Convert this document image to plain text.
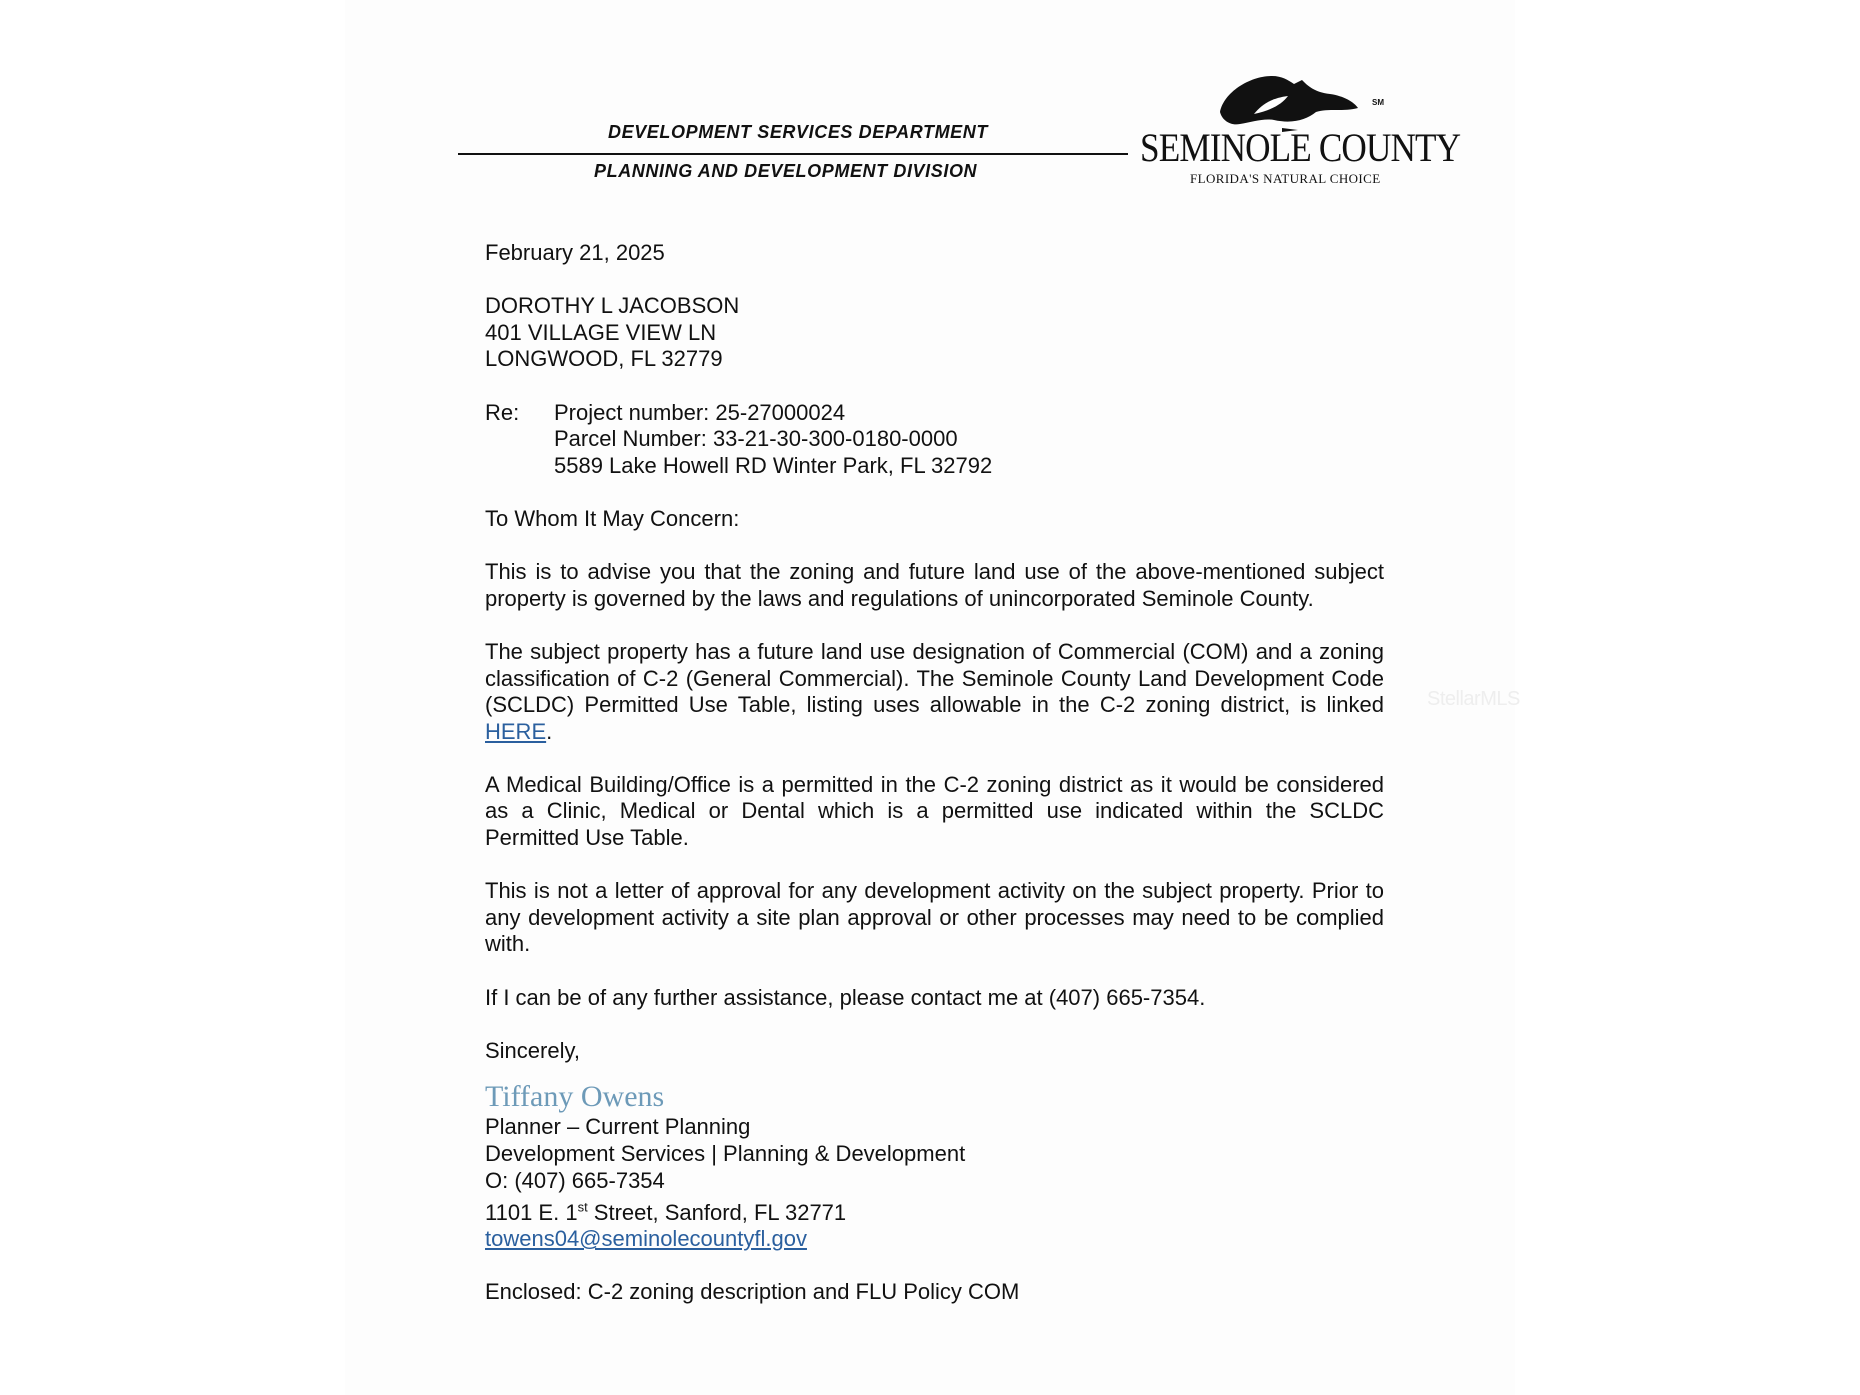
DEVELOPMENT SERVICES DEPARTMENT
PLANNING AND DEVELOPMENT DIVISION
SM
SEMINOLE COUNTY
FLORIDA'S NATURAL CHOICE

February 21, 2025

DOROTHY L JACOBSON
401 VILLAGE VIEW LN
LONGWOOD, FL 32779

Re:	Project number: 25-27000024
Parcel Number: 33-21-30-300-0180-0000
5589 Lake Howell RD Winter Park, FL 32792

To Whom It May Concern:

This is to advise you that the zoning and future land use of the above-mentioned subject property is governed by the laws and regulations of unincorporated Seminole County.

The subject property has a future land use designation of Commercial (COM) and a zoning classification of C-2 (General Commercial). The Seminole County Land Development Code (SCLDC) Permitted Use Table, listing uses allowable in the C-2 zoning district, is linked HERE.

A Medical Building/Office is a permitted in the C-2 zoning district as it would be considered as a Clinic, Medical or Dental which is a permitted use indicated within the SCLDC Permitted Use Table.

This is not a letter of approval for any development activity on the subject property. Prior to any development activity a site plan approval or other processes may need to be complied with.

If I can be of any further assistance, please contact me at (407) 665-7354.

Sincerely,

Tiffany Owens
Planner – Current Planning
Development Services | Planning & Development
O: (407) 665-7354
1101 E. 1st Street, Sanford, FL 32771
towens04@seminolecountyfl.gov

Enclosed: C-2 zoning description and FLU Policy COM

StellarMLS
